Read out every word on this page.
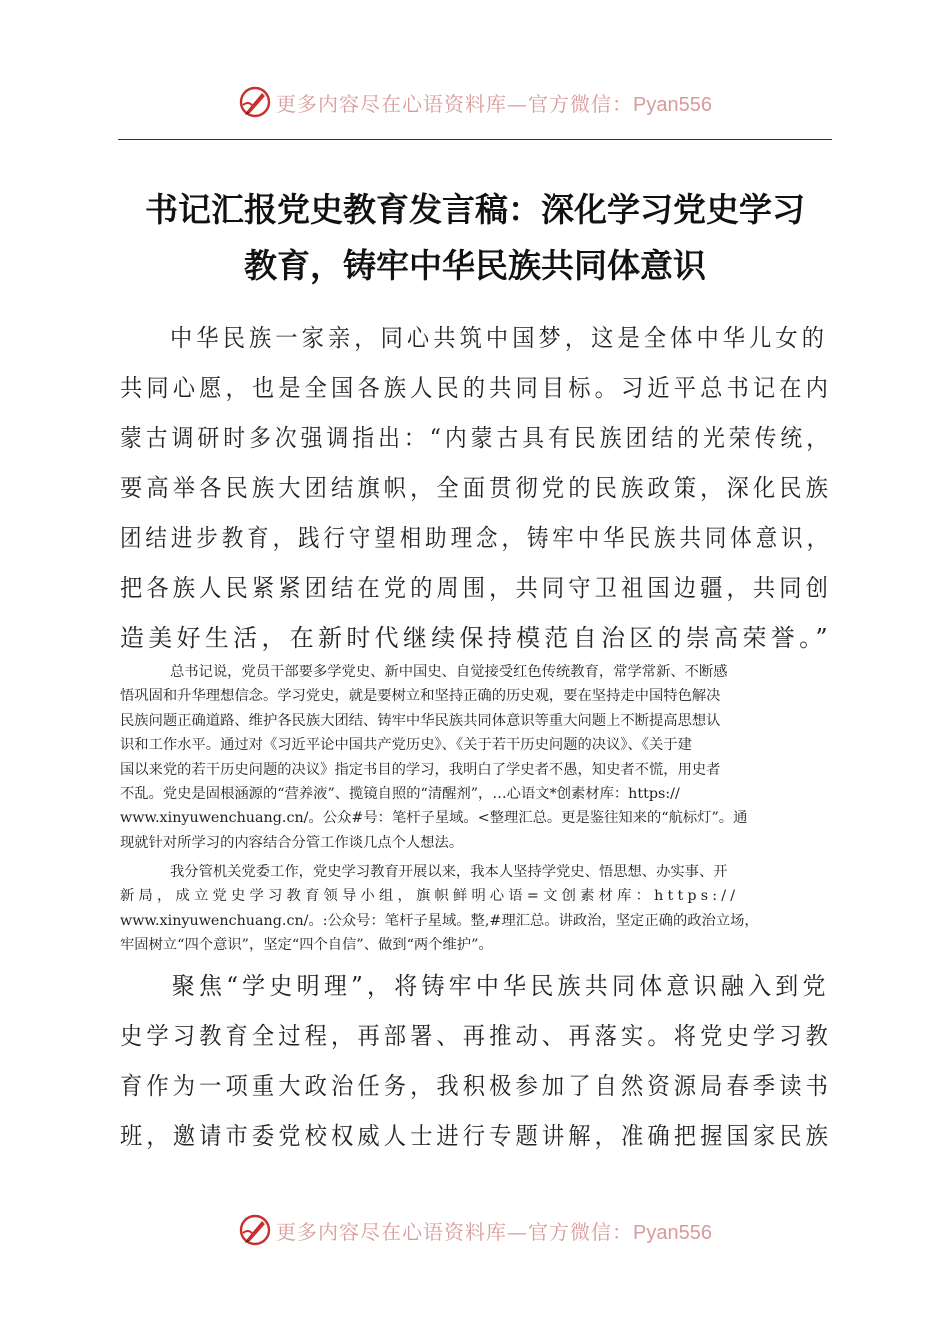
更多内容尽在心语资料库—官方微信：Pyan556
书记汇报党史教育发言稿：深化学习党史学习
教育，铸牢中华民族共同体意识
中华民族一家亲，同心共筑中国梦，这是全体中华儿女的
共同心愿，也是全国各族人民的共同目标。习近平总书记在内
蒙古调研时多次强调指出：“内蒙古具有民族团结的光荣传统，
要高举各民族大团结旗帜，全面贯彻党的民族政策，深化民族
团结进步教育，践行守望相助理念，铸牢中华民族共同体意识，
把各族人民紧紧团结在党的周围，共同守卫祖国边疆，共同创
造美好生活，在新时代继续保持模范自治区的崇高荣誉。”
总书记说，党员干部要多学党史、新中国史、自觉接受红色传统教育，常学常新、不断感
悟巩固和升华理想信念。学习党史，就是要树立和坚持正确的历史观，要在坚持走中国特色解决
民族问题正确道路、维护各民族大团结、铸牢中华民族共同体意识等重大问题上不断提高思想认
识和工作水平。通过对《习近平论中国共产党历史》、《关于若干历史问题的决议》、《关于建
国以来党的若干历史问题的决议》指定书目的学习，我明白了学史者不愚，知史者不慌，用史者
不乱。党史是固根涵源的“营养液”、揽镜自照的“清醒剂”，…心语文*创素材库：https://
www.xinyuwenchuang.cn/。公众#号：笔杆子星域。<整理汇总。更是鉴往知来的“航标灯”。通
现就针对所学习的内容结合分管工作谈几点个人想法。
我分管机关党委工作，党史学习教育开展以来，我本人坚持学党史、悟思想、办实事、开
新局，成立党史学习教育领导小组，旗帜鲜明心语=文创素材库：https://
www.xinyuwenchuang.cn/。:公众号：笔杆子星域。整,#理汇总。讲政治，坚定正确的政治立场，
牢固树立“四个意识”，坚定“四个自信”、做到“两个维护”。
聚焦“学史明理”，将铸牢中华民族共同体意识融入到党
史学习教育全过程，再部署、再推动、再落实。将党史学习教
育作为一项重大政治任务，我积极参加了自然资源局春季读书
班，邀请市委党校权威人士进行专题讲解，准确把握国家民族
更多内容尽在心语资料库—官方微信：Pyan556
